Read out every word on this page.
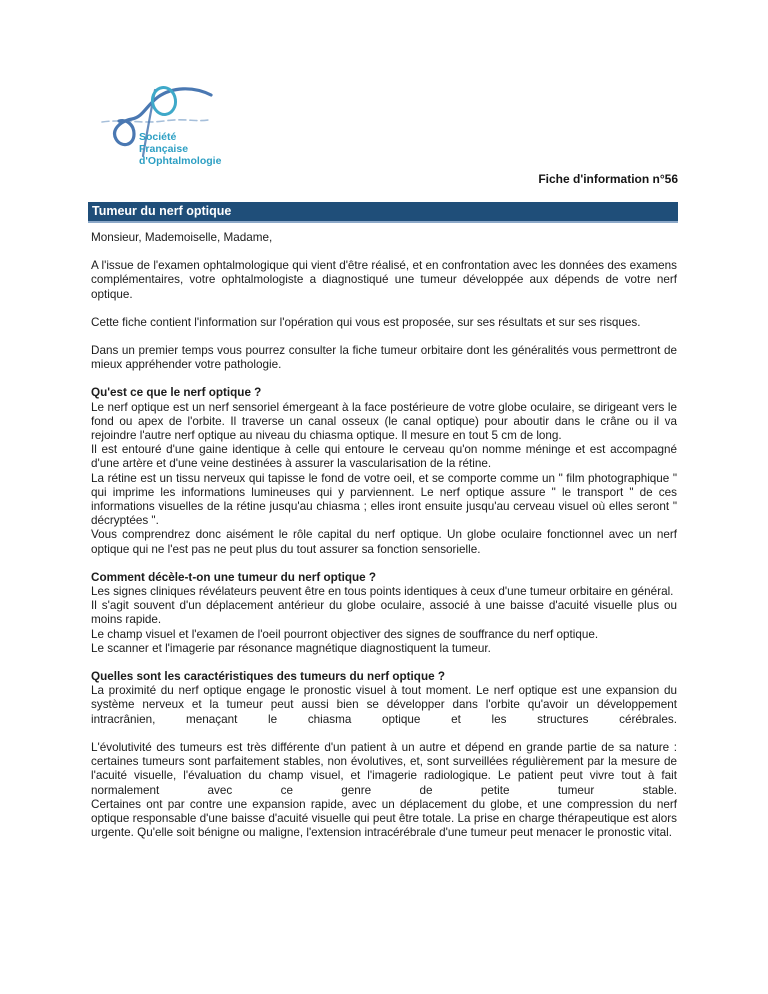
Société
Française
d'Ophtalmologie
Fiche d'information n°56
Tumeur du nerf optique

Monsieur, Mademoiselle, Madame,

A l'issue de l'examen ophtalmologique qui vient d'être réalisé, et en confrontation avec les données des examens complémentaires, votre ophtalmologiste a diagnostiqué une tumeur développée aux dépends de votre nerf optique.

Cette fiche contient l'information sur l'opération qui vous est proposée, sur ses résultats et sur ses risques.

Dans un premier temps vous pourrez consulter la fiche tumeur orbitaire dont les généralités vous permettront de mieux appréhender votre pathologie.

Qu'est ce que le nerf optique ?

Le nerf optique est un nerf sensoriel émergeant à la face postérieure de votre globe oculaire, se dirigeant vers le fond ou apex de l'orbite. Il traverse un canal osseux (le canal optique) pour aboutir dans le crâne ou il va rejoindre l'autre nerf optique au niveau du chiasma optique. Il mesure en tout 5 cm de long.

Il est entouré d'une gaine identique à celle qui entoure le cerveau qu'on nomme méninge et est accompagné d'une artère et d'une veine destinées à assurer la vascularisation de la rétine.

La rétine est un tissu nerveux qui tapisse le fond de votre oeil, et se comporte comme un " film photographique " qui imprime les informations lumineuses qui y parviennent. Le nerf optique assure " le transport " de ces informations visuelles de la rétine jusqu'au chiasma ; elles iront ensuite jusqu'au cerveau visuel où elles seront " décryptées ".

Vous comprendrez donc aisément le rôle capital du nerf optique. Un globe oculaire fonctionnel avec un nerf optique qui ne l'est pas ne peut plus du tout assurer sa fonction sensorielle.

Comment décèle-t-on une tumeur du nerf optique ?

Les signes cliniques révélateurs peuvent être en tous points identiques à ceux d'une tumeur orbitaire en général.

Il s'agit souvent d'un déplacement antérieur du globe oculaire, associé à une baisse d'acuité visuelle plus ou moins rapide.

Le champ visuel et l'examen de l'oeil pourront objectiver des signes de souffrance du nerf optique.

Le scanner et l'imagerie par résonance magnétique diagnostiquent la tumeur.

Quelles sont les caractéristiques des tumeurs du nerf optique ?

La proximité du nerf optique engage le pronostic visuel à tout moment. Le nerf optique est une expansion du système nerveux et la tumeur peut aussi bien se développer dans l'orbite qu'avoir un développement intracrânien, menaçant le chiasma optique et les structures cérébrales.

L'évolutivité des tumeurs est très différente d'un patient à un autre et dépend en grande partie de sa nature : certaines tumeurs sont parfaitement stables, non évolutives, et, sont surveillées régulièrement par la mesure de l'acuité visuelle, l'évaluation du champ visuel, et l'imagerie radiologique. Le patient peut vivre tout à fait normalement avec ce genre de petite tumeur stable.

Certaines ont par contre une expansion rapide, avec un déplacement du globe, et une compression du nerf optique responsable d'une baisse d'acuité visuelle qui peut être totale. La prise en charge thérapeutique est alors urgente. Qu'elle soit bénigne ou maligne, l'extension intracérébrale d'une tumeur peut menacer le pronostic vital.
